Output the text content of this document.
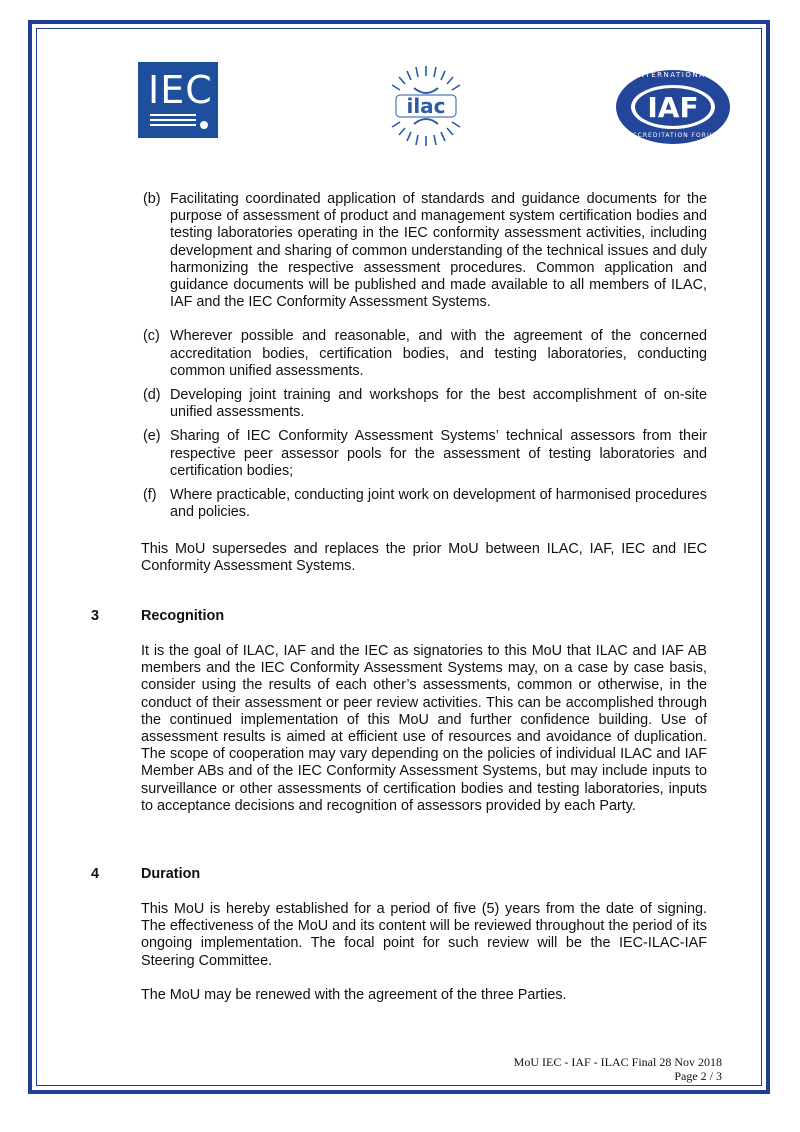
IEC	ilac
INTERNATIONAL
IAF
ACCREDITATION FORUM
(b) Facilitating coordinated application of standards and guidance documents for the purpose of assessment of product and management system certification bodies and testing laboratories operating in the IEC conformity assessment activities, including development and sharing of common understanding of the technical issues and duly harmonizing the respective assessment procedures. Common application and guidance documents will be published and made available to all members of ILAC, IAF and the IEC Conformity Assessment Systems.
(c) Wherever possible and reasonable, and with the agreement of the concerned accreditation bodies, certification bodies, and testing laboratories, conducting common unified assessments.
(d) Developing joint training and workshops for the best accomplishment of on-site unified assessments.
(e) Sharing of IEC Conformity Assessment Systems’ technical assessors from their respective peer assessor pools for the assessment of testing laboratories and certification bodies;
(f) Where practicable, conducting joint work on development of harmonised procedures and policies.
This MoU supersedes and replaces the prior MoU between ILAC, IAF, IEC and IEC Conformity Assessment Systems.
3	Recognition
It is the goal of ILAC, IAF and the IEC as signatories to this MoU that ILAC and IAF AB members and the IEC Conformity Assessment Systems may, on a case by case basis, consider using the results of each other’s assessments, common or otherwise, in the conduct of their assessment or peer review activities. This can be accomplished through the continued implementation of this MoU and further confidence building. Use of assessment results is aimed at efficient use of resources and avoidance of duplication. The scope of cooperation may vary depending on the policies of individual ILAC and IAF Member ABs and of the IEC Conformity Assessment Systems, but may include inputs to surveillance or other assessments of certification bodies and testing laboratories, inputs to acceptance decisions and recognition of assessors provided by each Party.
4	Duration
This MoU is hereby established for a period of five (5) years from the date of signing. The effectiveness of the MoU and its content will be reviewed throughout the period of its ongoing implementation. The focal point for such review will be the IEC-ILAC-IAF Steering Committee.
The MoU may be renewed with the agreement of the three Parties.
MoU IEC - IAF - ILAC Final 28 Nov 2018
Page 2 / 3
